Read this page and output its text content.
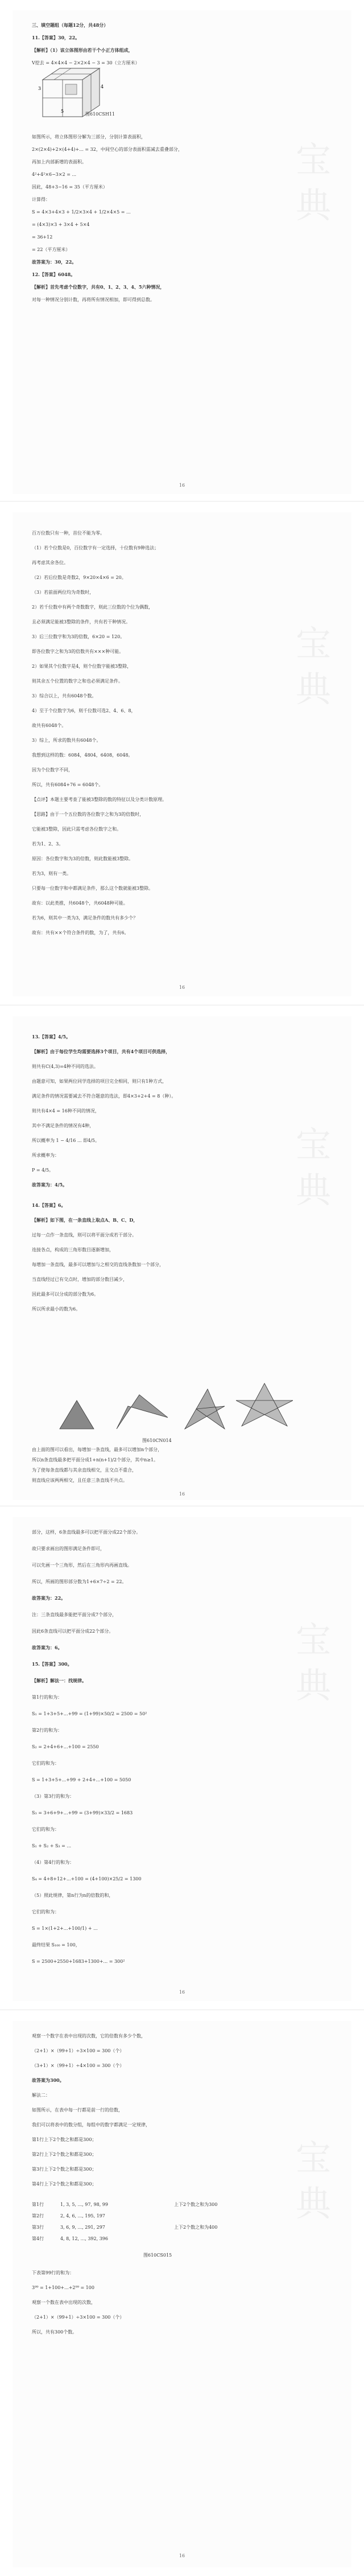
三、填空题组（每题12分，共48分）
11.【答案】30，22。
【解析】（1）该立体图形由若干个小正方体组成，
V挖去 = 4×4×4 − 2×2×4 − 3 = 30（立方厘米）
如图所示，将立体图形分解为三部分，分别计算表面积，
2×(2×4)+2×(4+4)+... = 32，中间空心的部分表面积需减去重叠部分，
再加上内部新增的表面积。
4²+4²×6−3×2 = ...
因此，48+3−16 = 35（平方厘米）
计算得：
S = 4×3+4×3 + 1/2×3×4 + 1/2×4×5 = ...
= (4×3)×3 + 3×4 + 5×4
= 36+12
= 22（平方厘米）
故答案为：30，22。
12.【答案】6048。
【解析】首先考虑个位数字，共有0、1、2、3、4、5六种情况，
对每一种情况分别计数，再将所有情况相加，即可得到总数。
16
百万位数只有一种，首位不能为零。
（1）若个位数是0，百位数字有一定选择，十位数有9种选法；
再考虑其余各位。
（2）若后位数是奇数2，9×20×4×6 = 20。
（3）若前面两位均为奇数时，
2）若千位数中有两个奇数数字，则此三位数的个位为偶数，
且必须满足能被3整除的条件，共有若干种情况。
3）后三位数字和为3的倍数，6×20 = 120。
即各位数字之和为3的倍数共有×××种可能。
2）如果其个位数字是4，则个位数字能被3整除，
则其余五个位置的数字之和也必须满足条件。
3）综合以上，共有6048个数。
4）至于个位数字为6，则千位数可选2、4、6、8，
故共有6048个。
3）综上，所求的数共有6048个。
我想到这样的数：6084，4804，6408，6048。
因为个位数字不同，
所以，共有6084+76 = 6048个。
【点评】本题主要考查了能被3整除的数的特征以及分类计数原理。
【思路】由于一个五位数的各位数字之和为3的倍数时，
它能被3整除，因此只需考虑各位数字之和。
若为1、2、3。
原因：各位数字和为3的倍数，则此数能被3整除。
若为3，则有一类。
只要每一位数字和中都满足条件，那么这个数就能被3整除。
故有：以此类推，共6048个，共6048种可能。
若为6，则其中一类为3，满足条件的数共有多少个？
故有：共有××个符合条件的数，为了，共有6。
16
13.【答案】4/5。
【解析】由于每位学生均需要选择3个项目，共有4个项目可供选择，
则共有C(4,3)=4种不同的选法。
由题意可知，如果两位同学选择的项目完全相同，则只有1种方式，
满足条件的情况需要减去不符合题意的选法，即4×3+2+4 = 8（种）。
则共有4×4 = 16种不同的情况，
其中不满足条件的情况有4种，
所以概率为 1 − 4/16 ... 即4/5。
所求概率为：
P = 4/5。
故答案为：4/5。
14.【答案】6。
【解析】如下图，在一条直线上取点A、B、C、D，
过每一点作一条直线，则可以将平面分成若干部分。
连接各点，构成的三角形数目逐渐增加，
每增加一条直线，最多可以增加与之相交的直线条数加一个部分，
当直线经过已有交点时，增加的部分数目减少，
因此最多可以分成的部分数为6。
所以所求最小的数为6。
由上面的图可以看出，每增加一条直线，最多可以增加n个部分，
所以n条直线最多把平面分成1+n(n+1)/2个部分，其中n≥1。
为了使每条直线都与其余直线相交，且交点不重合，
则直线应该两两相交，且任意三条直线不共点。
16
部分，这样，6条直线最多可以把平面分成22个部分。
故只要求画出的图形满足条件即可，
可以先画一个三角形，然后在三角形内再画直线。
所以，所画的图形部分数为1+6×7÷2 = 22。
故答案为：22。
注：三条直线最多能把平面分成7个部分，
因此6条直线可以把平面分成22个部分。
故答案为：6。
15.【答案】300。
【解析】解法一：找规律。
第1行的和为：
S₁ = 1+3+5+...+99 = (1+99)×50/2 = 2500 = 50²
第2行的和为：
S₂ = 2+4+6+...+100 = 2550
它们的和为：
S = 1+3+5+...+99 + 2+4+...+100 = 5050
（3）第3行的和为：
S₃ = 3+6+9+...+99 = (3+99)×33/2 = 1683
它们的和为：
S₁ + S₂ + S₃ = ...
（4）第4行的和为：
S₄ = 4+8+12+...+100 = (4+100)×25/2 = 1300
（5）照此规律，第n行为n的倍数的和，
它们的和为：
S = 1×(1+2+...+100/1) + ...
最终结果 S₁₀₀ = 100，
S = 2500+2550+1683+1300+... = 300²
16
观察一个数字在表中出现的次数，它的倍数有多少个数，
（2+1）×（99+1）÷3×100 = 300（个）
（3+1）×（99+1）÷4×100 = 300（个）
故答案为300。
解法二：
如图所示，在表中每一行都是前一行的倍数，
我们可以将表中的数分组，每组中的数字都满足一定规律，
第1行上下2个数之和都是300；
第2行上下2个数之和都是300；
第3行上下2个数之和都是300；
第4行上下2个数之和都是300；
第1行	1, 3, 5, ..., 97, 98, 99	上下2个数之和为300
第2行	2, 4, 6, ..., 195, 197
第3行	3, 6, 9, ..., 291, 297	上下2个数之和为400
第4行	4, 8, 12, ..., 392, 396
图610CS015
下表第99行的和为：
3⁹⁹ = 1+100+...+2⁹⁹ = 100
观察一个数在表中出现的次数，
（2+1）×（99+1）÷3×100 = 300（个）
所以，共有300个数。
16
3	4
5
图610CSH11
图610CN014
宝
典
宝
典
宝
典
宝
典
宝
典
